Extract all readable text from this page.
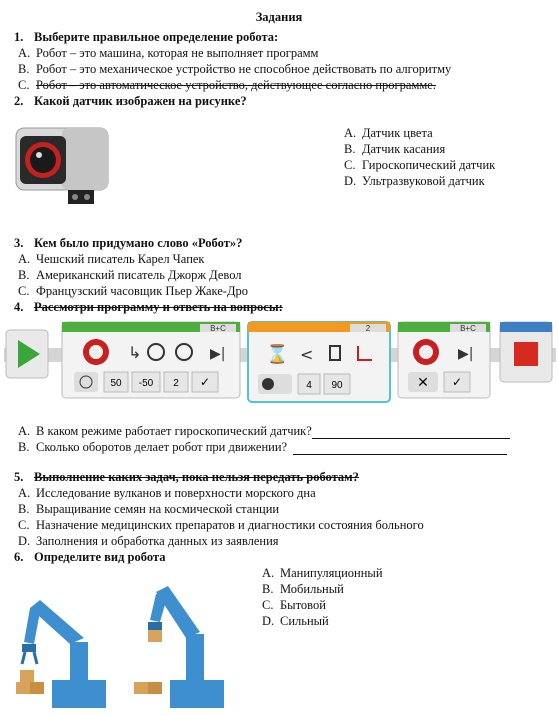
Задания
1. Выберите правильное определение робота:
A. Робот – это машина, которая не выполняет программ
B. Робот – это механическое устройство не способное действовать по алгоритму
C. Робот – это автоматическое устройство, действующее согласно программе.
2. Какой датчик изображен на рисунке?
A. Датчик цвета
B. Датчик касания
C. Гироскопический датчик
D. Ультразвуковой датчик
3. Кем было придумано слово «Робот»?
A. Чешский писатель Карел Чапек
B. Американский писатель Джорж Девол
C. Французский часовщик Пьер Жаке-Дро
4. Рассмотри программу и ответь на вопросы:
B+C
↳	▶|
50 -50 2 ✓
2
⌛ <
4 90
B+C
▶|
✕ ✓
A. В каком режиме работает гироскопический датчик?
B. Сколько оборотов делает робот при движении?
5. Выполнение каких задач, пока нельзя передать роботам?
A. Исследование вулканов и поверхности морского дна
B. Выращивание семян на космической станции
C. Назначение медицинских препаратов и диагностики состояния больного
D. Заполнения и обработка данных из заявления
6. Определите вид робота
A. Манипуляционный
B. Мобильный
C. Бытовой
D. Сильный
